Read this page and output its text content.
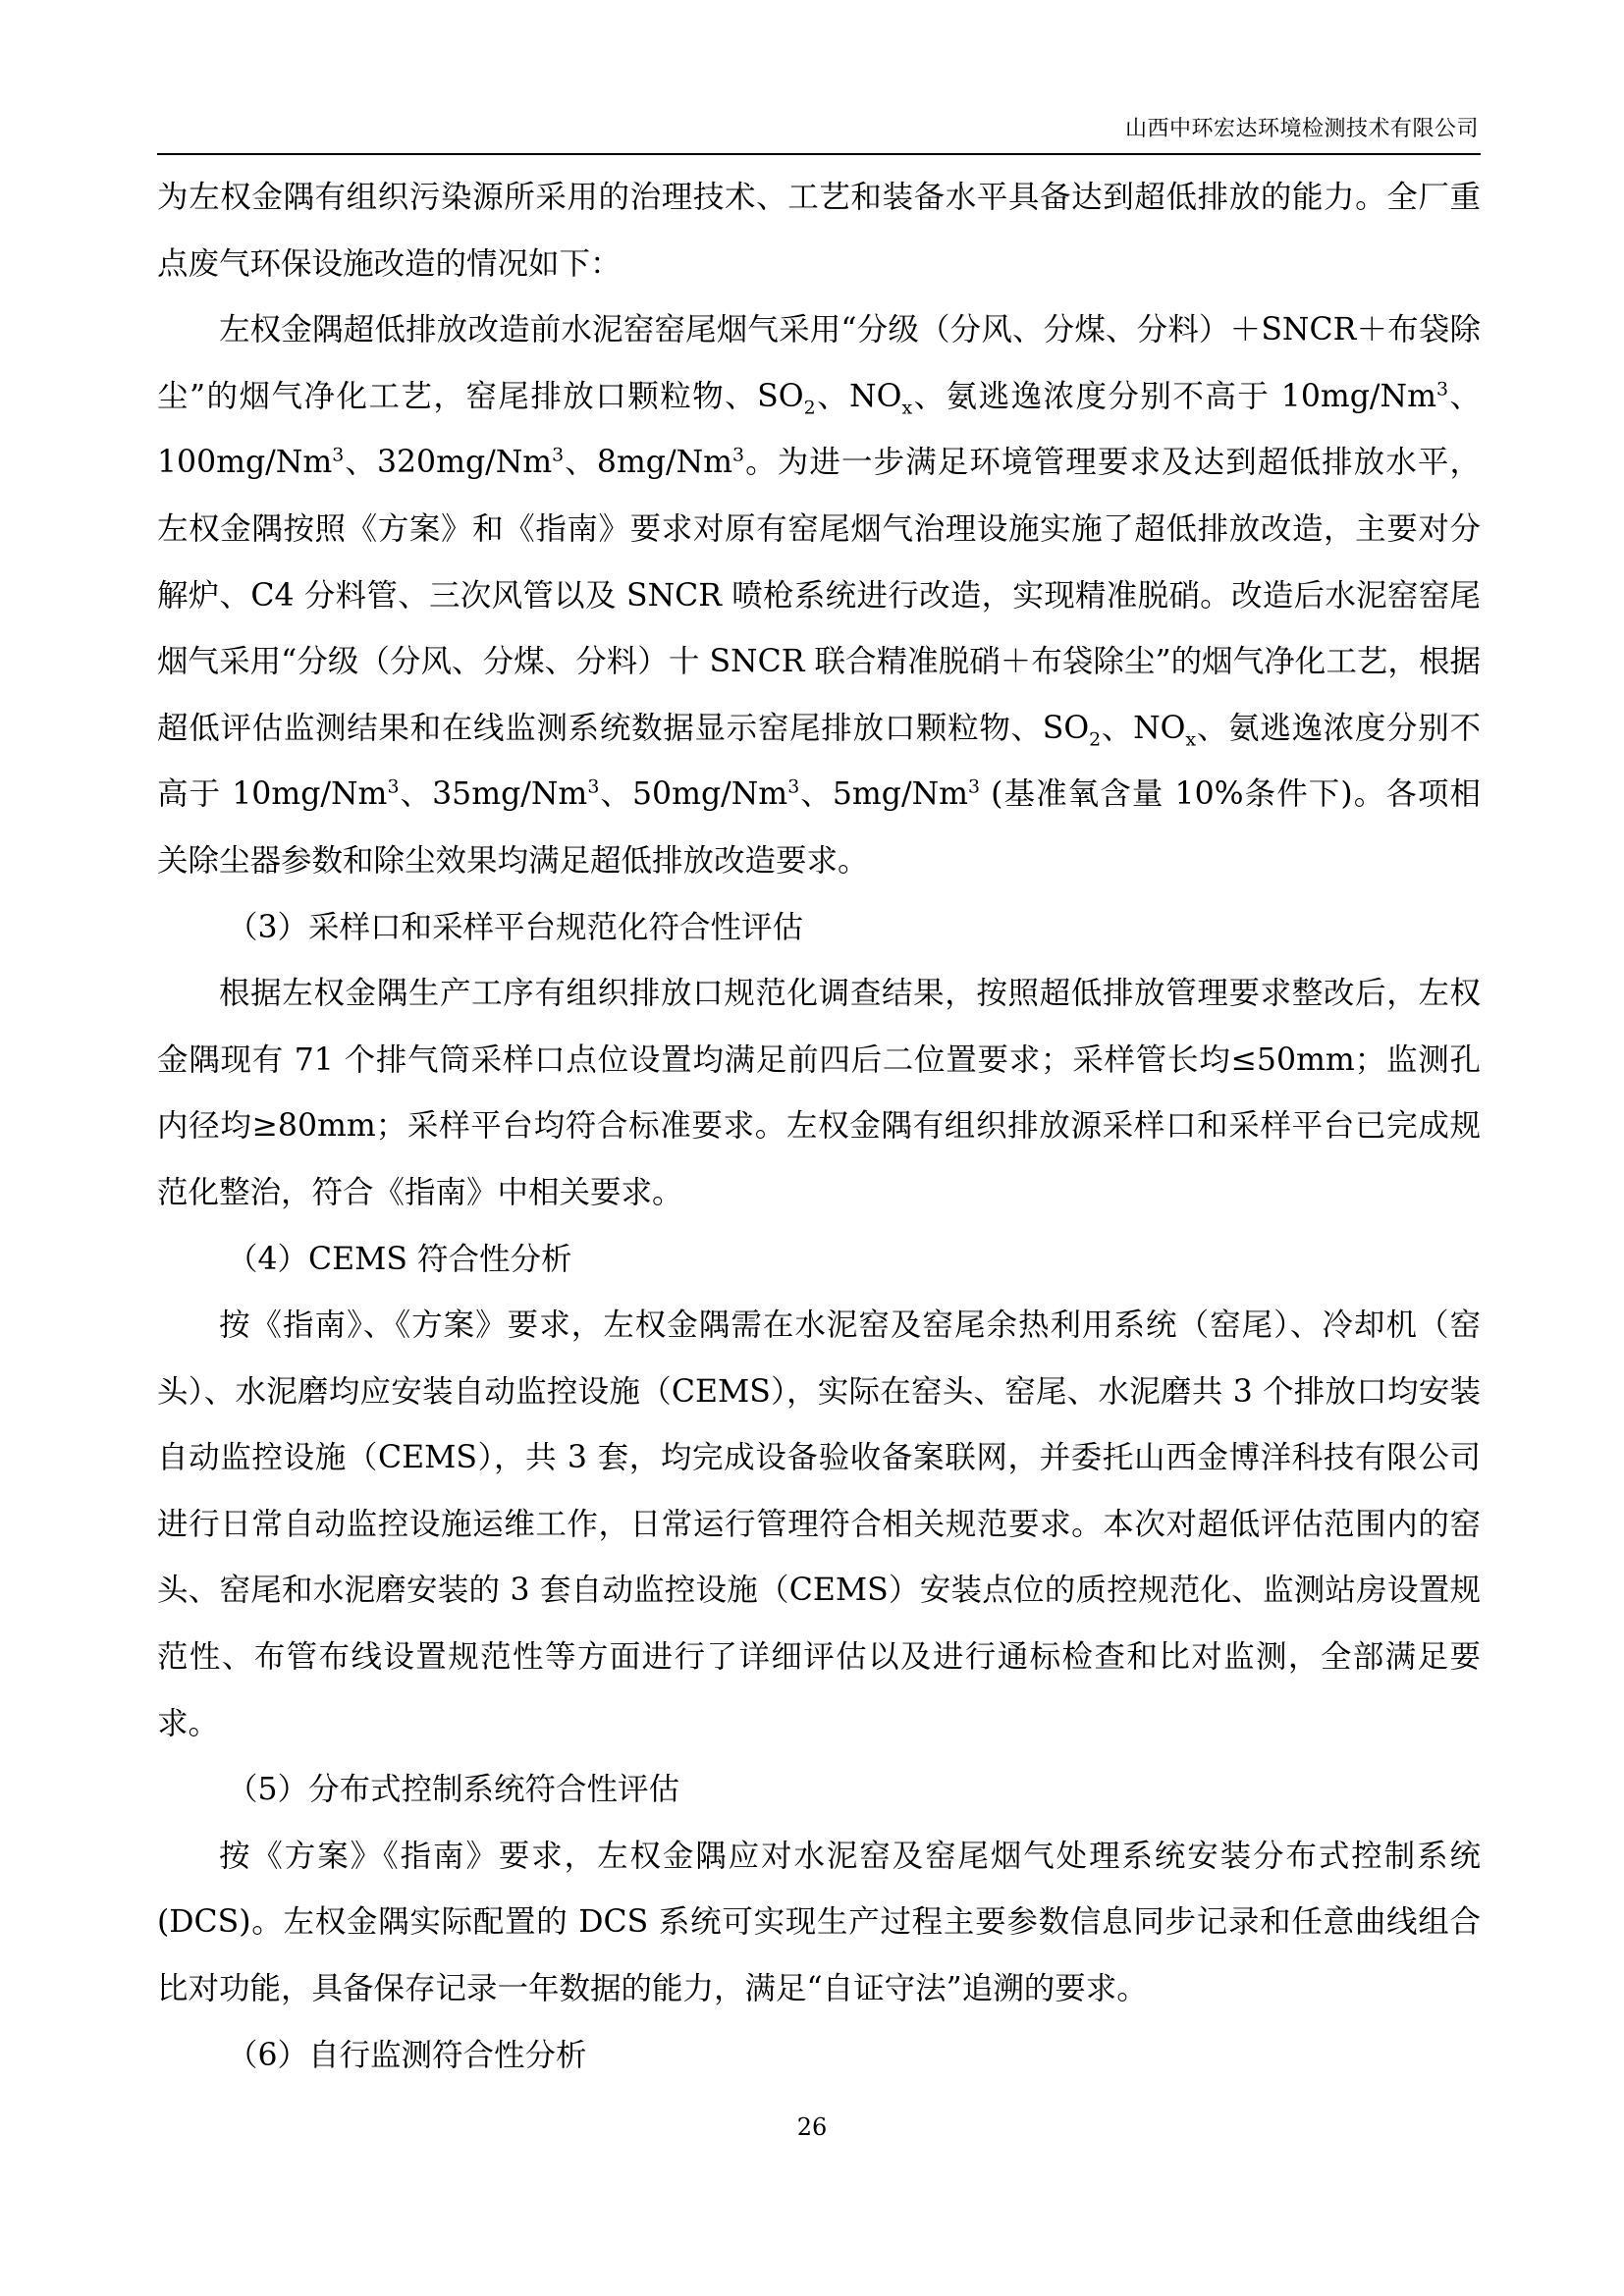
山西中环宏达环境检测技术有限公司

为左权金隅有组织污染源所采用的治理技术、工艺和装备水平具备达到超低排放的能力。全厂重点废气环保设施改造的情况如下：

左权金隅超低排放改造前水泥窑窑尾烟气采用“分级（分风、分煤、分料）＋SNCR＋布袋除尘”的烟气净化工艺，窑尾排放口颗粒物、$SO_2$、$NO_x$、氨逃逸浓度分别不高于 10mg/Nm$^3$、100mg/Nm$^3$、320mg/Nm$^3$、8mg/Nm$^3$。为进一步满足环境管理要求及达到超低排放水平，左权金隅按照《方案》和《指南》要求对原有窑尾烟气治理设施实施了超低排放改造，主要对分解炉、C4 分料管、三次风管以及 SNCR 喷枪系统进行改造，实现精准脱硝。改造后水泥窑窑尾烟气采用“分级（分风、分煤、分料）十 SNCR 联合精准脱硝＋布袋除尘”的烟气净化工艺，根据超低评估监测结果和在线监测系统数据显示窑尾排放口颗粒物、$SO_2$、$NO_x$、氨逃逸浓度分别不高于 10mg/Nm$^3$、35mg/Nm$^3$、50mg/Nm$^3$、5mg/Nm$^3$ (基准氧含量 10%条件下)。各项相关除尘器参数和除尘效果均满足超低排放改造要求。

（3）采样口和采样平台规范化符合性评估

根据左权金隅生产工序有组织排放口规范化调查结果，按照超低排放管理要求整改后，左权金隅现有 71 个排气筒采样口点位设置均满足前四后二位置要求；采样管长均≤50mm；监测孔内径均≥80mm；采样平台均符合标准要求。左权金隅有组织排放源采样口和采样平台已完成规范化整治，符合《指南》中相关要求。

（4）CEMS 符合性分析

按《指南》、《方案》要求，左权金隅需在水泥窑及窑尾余热利用系统（窑尾）、冷却机（窑头）、水泥磨均应安装自动监控设施（CEMS），实际在窑头、窑尾、水泥磨共 3 个排放口均安装自动监控设施（CEMS），共 3 套，均完成设备验收备案联网，并委托山西金博洋科技有限公司进行日常自动监控设施运维工作，日常运行管理符合相关规范要求。本次对超低评估范围内的窑头、窑尾和水泥磨安装的 3 套自动监控设施（CEMS）安装点位的质控规范化、监测站房设置规范性、布管布线设置规范性等方面进行了详细评估以及进行通标检查和比对监测，全部满足要求。

（5）分布式控制系统符合性评估

按《方案》《指南》要求，左权金隅应对水泥窑及窑尾烟气处理系统安装分布式控制系统(DCS)。左权金隅实际配置的 DCS 系统可实现生产过程主要参数信息同步记录和任意曲线组合比对功能，具备保存记录一年数据的能力，满足“自证守法”追溯的要求。

（6）自行监测符合性分析

26
